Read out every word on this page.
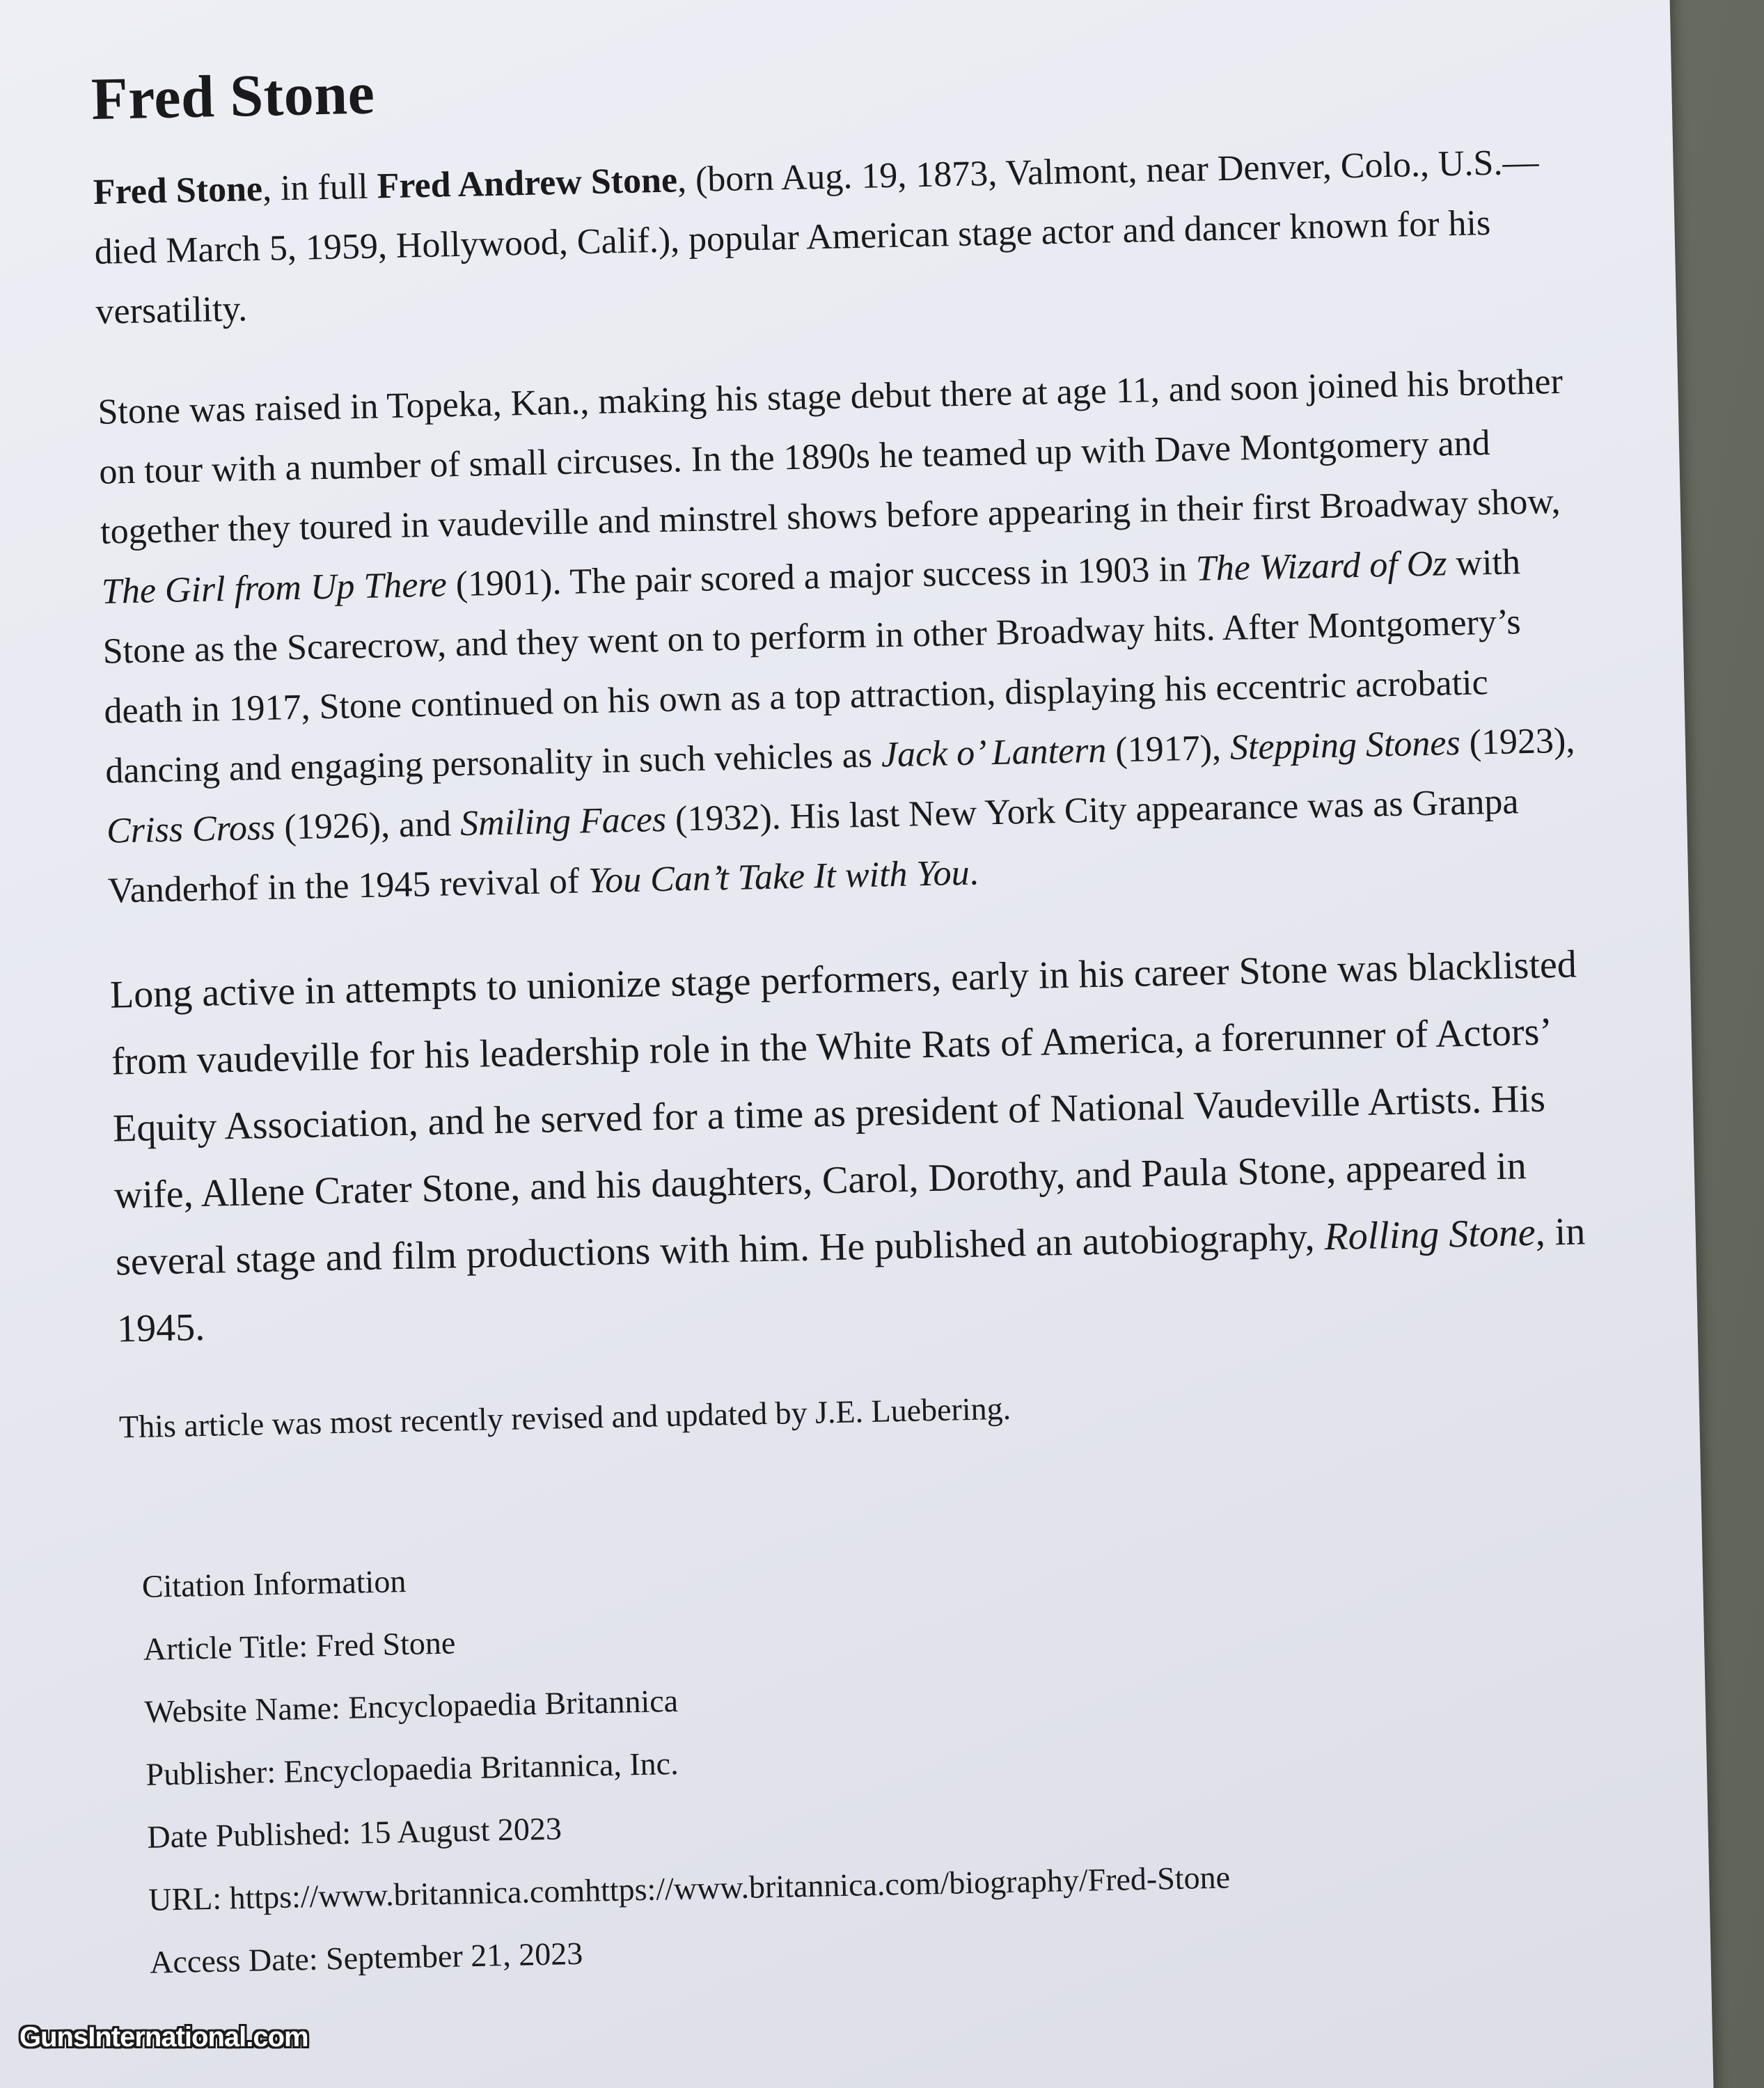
Fred Stone

Fred Stone, in full Fred Andrew Stone, (born Aug. 19, 1873, Valmont, near Denver, Colo., U.S.—died March 5, 1959, Hollywood, Calif.), popular American stage actor and dancer known for his versatility.

Stone was raised in Topeka, Kan., making his stage debut there at age 11, and soon joined his brother on tour with a number of small circuses. In the 1890s he teamed up with Dave Montgomery and together they toured in vaudeville and minstrel shows before appearing in their first Broadway show, The Girl from Up There (1901). The pair scored a major success in 1903 in The Wizard of Oz with Stone as the Scarecrow, and they went on to perform in other Broadway hits. After Montgomery’s death in 1917, Stone continued on his own as a top attraction, displaying his eccentric acrobatic dancing and engaging personality in such vehicles as Jack o’ Lantern (1917), Stepping Stones (1923), Criss Cross (1926), and Smiling Faces (1932). His last New York City appearance was as Granpa Vanderhof in the 1945 revival of You Can’t Take It with You.

Long active in attempts to unionize stage performers, early in his career Stone was blacklisted from vaudeville for his leadership role in the White Rats of America, a forerunner of Actors’ Equity Association, and he served for a time as president of National Vaudeville Artists. His wife, Allene Crater Stone, and his daughters, Carol, Dorothy, and Paula Stone, appeared in several stage and film productions with him. He published an autobiography, Rolling Stone, in 1945.

This article was most recently revised and updated by J.E. Luebering.
Citation Information
Article Title: Fred Stone
Website Name: Encyclopaedia Britannica
Publisher: Encyclopaedia Britannica, Inc.
Date Published: 15 August 2023
URL: https://www.britannica.comhttps://www.britannica.com/biography/Fred-Stone
Access Date: September 21, 2023
GunsInternational.com
